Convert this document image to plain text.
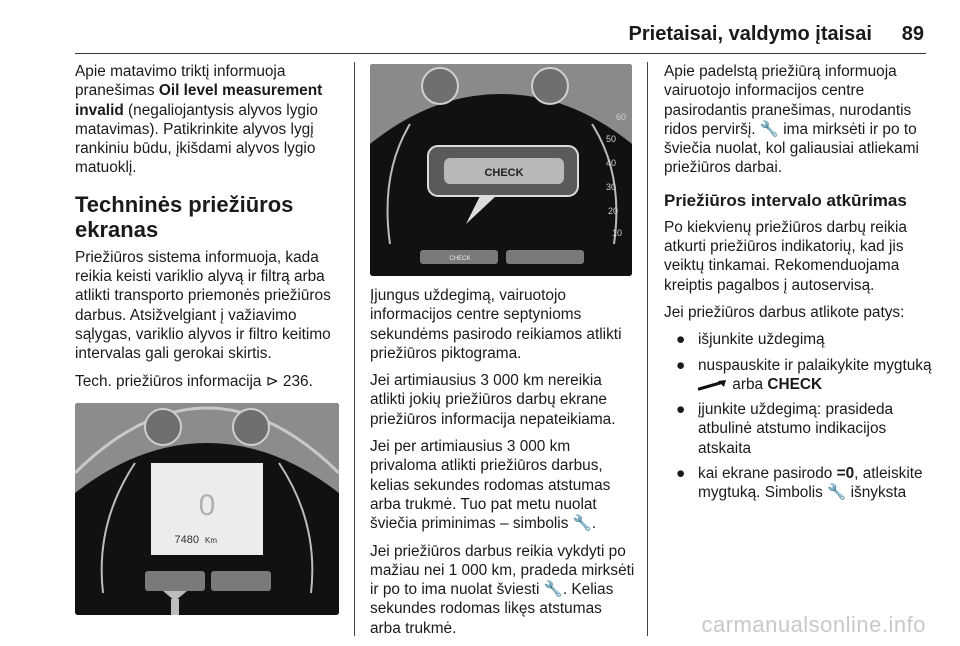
Prietaisai, valdymo įtaisai 89

Apie matavimo triktį informuoja pranešimas Oil level measurement invalid (negaliojantysis alyvos lygio matavimas). Patikrinkite alyvos lygį rankiniu būdu, įkišdami alyvos lygio matuoklį.

Techninės priežiūros ekranas

Priežiūros sistema informuoja, kada reikia keisti variklio alyvą ir filtrą arba atlikti transporto priemonės priežiūros darbus. Atsižvelgiant į važiavimo sąlygas, variklio alyvos ir filtro keitimo intervalas gali gerokai skirtis.

Tech. priežiūros informacija ⊳ 236.

0
7480 Km
60
50
40
30
20
10
CHECK
CHECK

Įjungus uždegimą, vairuotojo informacijos centre septynioms sekundėms pasirodo reikiamos atlikti priežiūros piktograma.

Jei artimiausius 3 000 km nereikia atlikti jokių priežiūros darbų ekrane priežiūros informacija nepateikiama.

Jei per artimiausius 3 000 km privaloma atlikti priežiūros darbus, kelias sekundes rodomas atstumas arba trukmė. Tuo pat metu nuolat šviečia priminimas – simbolis 🔧.

Jei priežiūros darbus reikia vykdyti po mažiau nei 1 000 km, pradeda mirksėti ir po to ima nuolat šviesti 🔧. Kelias sekundes rodomas likęs atstumas arba trukmė.

Apie padelstą priežiūrą informuoja vairuotojo informacijos centre pasirodantis pranešimas, nurodantis ridos perviršį. 🔧 ima mirksėti ir po to šviečia nuolat, kol galiausiai atliekami priežiūros darbai.

Priežiūros intervalo atkūrimas

Po kiekvienų priežiūros darbų reikia atkurti priežiūros indikatorių, kad jis veiktų tinkamai. Rekomenduojama kreiptis pagalbos į autoservisą.

Jei priežiūros darbus atlikote patys:

● išjunkite uždegimą
● nuspauskite ir palaikykite mygtuką  arba CHECK
● įjunkite uždegimą: prasideda atbulinė atstumo indikacijos atskaita
● kai ekrane pasirodo =0, atleiskite mygtuką. Simbolis 🔧 išnyksta
carmanualsonline.info
